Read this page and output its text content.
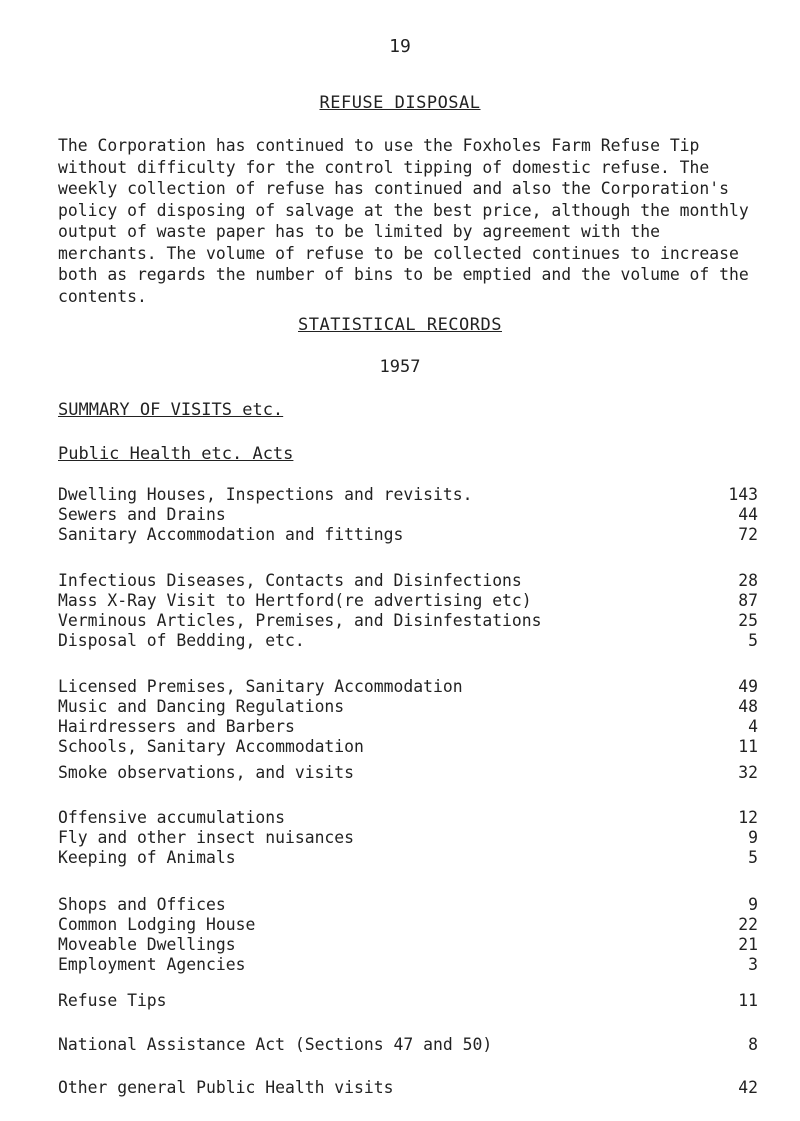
19
REFUSE DISPOSAL

The Corporation has continued to use the Foxholes Farm Refuse Tip without difficulty for the control tipping of domestic refuse. The weekly collection of refuse has continued and also the Corporation's policy of disposing of salvage at the best price, although the monthly output of waste paper has to be limited by agreement with the merchants. The volume of refuse to be collected continues to increase both as regards the number of bins to be emptied and the volume of the contents.

STATISTICAL RECORDS
1957

SUMMARY OF VISITS etc.

Public Health etc. Acts

Dwelling Houses, Inspections and revisits.	143
Sewers and Drains	44
Sanitary Accommodation and fittings	72
Infectious Diseases, Contacts and Disinfections	28
Mass X-Ray Visit to Hertford(re advertising etc)	87
Verminous Articles, Premises, and Disinfestations	25
Disposal of Bedding, etc.	5
Licensed Premises, Sanitary Accommodation	49
Music and Dancing Regulations	48
Hairdressers and Barbers	4
Schools, Sanitary Accommodation	11
Smoke observations, and visits	32
Offensive accumulations	12
Fly and other insect nuisances	9
Keeping of Animals	5
Shops and Offices	9
Common Lodging House	22
Moveable Dwellings	21
Employment Agencies	3
Refuse Tips	11
National Assistance Act (Sections 47 and 50)	8
Other general Public Health visits	42
